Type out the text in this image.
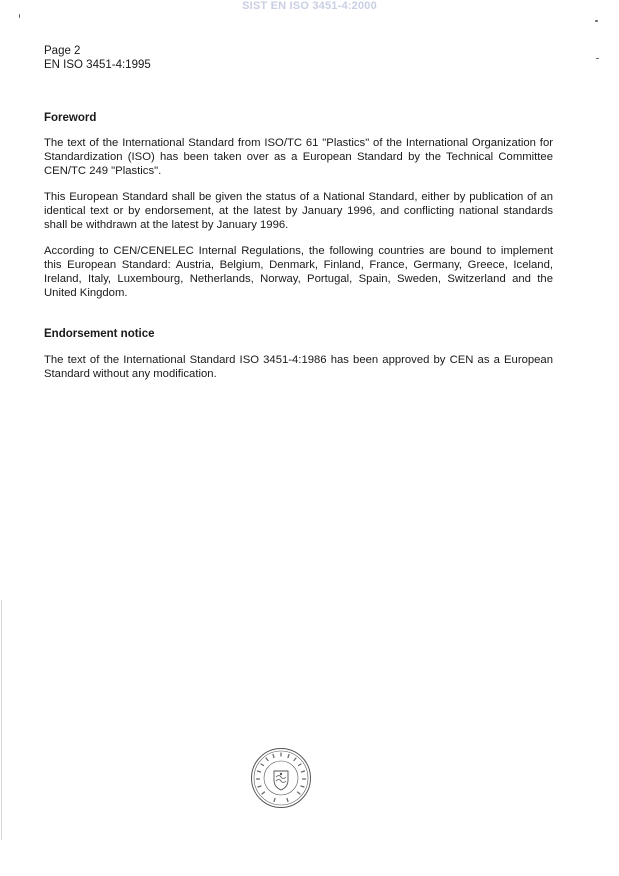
SIST EN ISO 3451-4:2000
Page 2
EN ISO 3451-4:1995
Foreword
The text of the International Standard from ISO/TC 61 "Plastics" of the International Organization for Standardization (ISO) has been taken over as a European Standard by the Technical Committee CEN/TC 249 "Plastics".
This European Standard shall be given the status of a National Standard, either by publication of an identical text or by endorsement, at the latest by January 1996, and conflicting national standards shall be withdrawn at the latest by January 1996.
According to CEN/CENELEC Internal Regulations, the following countries are bound to implement this European Standard: Austria, Belgium, Denmark, Finland, France, Germany, Greece, Iceland, Ireland, Italy, Luxembourg, Netherlands, Norway, Portugal, Spain, Sweden, Switzerland and the United Kingdom.
Endorsement notice
The text of the International Standard ISO 3451-4:1986 has been approved by CEN as a European Standard without any modification.
